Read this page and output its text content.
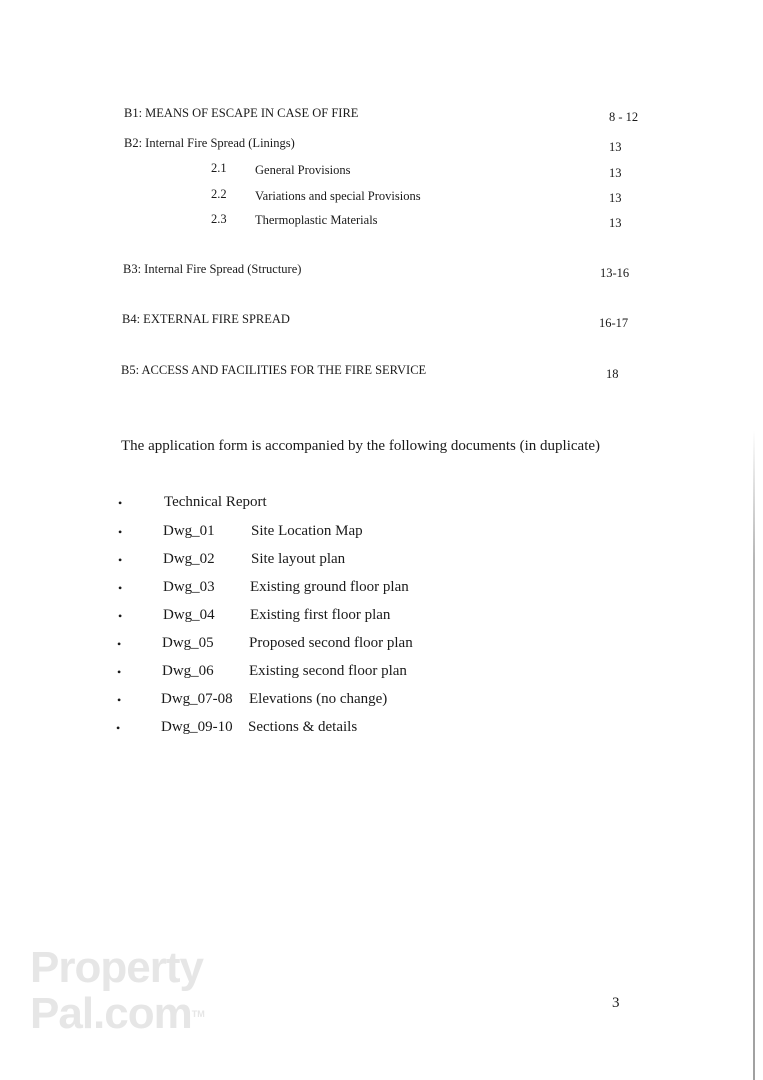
B1: MEANS OF ESCAPE IN CASE OF FIRE	8 - 12
B2: Internal Fire Spread (Linings)	13
2.1 General Provisions	13
2.2 Variations and special Provisions	13
2.3 Thermoplastic Materials	13
B3: Internal Fire Spread (Structure)	13-16
B4: EXTERNAL FIRE SPREAD	16-17
B5: ACCESS AND FACILITIES FOR THE FIRE SERVICE	18
The application form is accompanied by the following documents (in duplicate)
•	Technical Report
•	Dwg_01 Site Location Map
•	Dwg_02 Site layout plan
•	Dwg_03 Existing ground floor plan
•	Dwg_04 Existing first floor plan
•	Dwg_05 Proposed second floor plan
•	Dwg_06 Existing second floor plan
•	Dwg_07-08 Elevations (no change)
•	Dwg_09-10 Sections & details
Property
Pal.comTM
3
